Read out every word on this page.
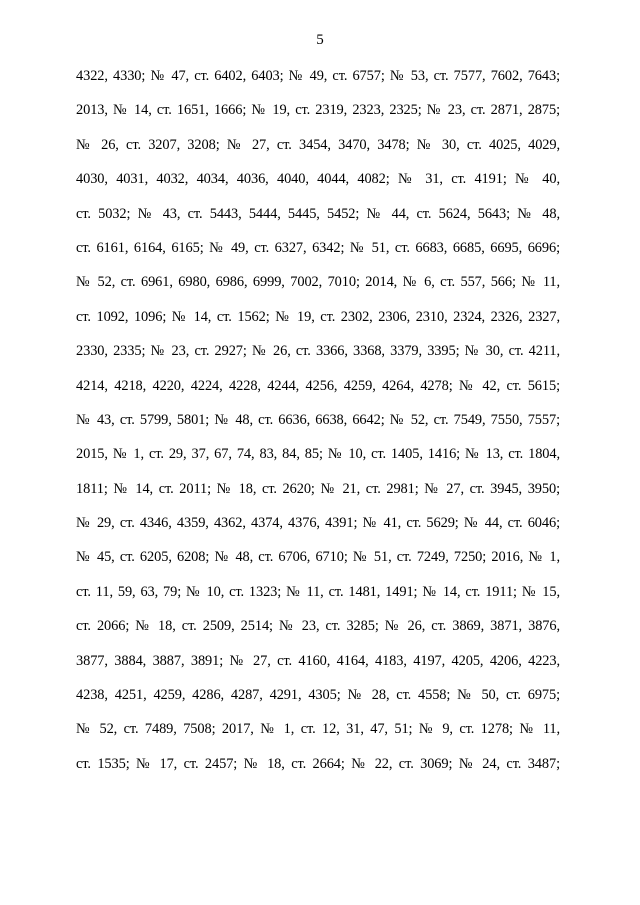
5
4322, 4330; № 47, ст. 6402, 6403; № 49, ст. 6757; № 53, ст. 7577, 7602, 7643;
2013, № 14, ст. 1651, 1666; № 19, ст. 2319, 2323, 2325; № 23, ст. 2871, 2875;
№ 26, ст. 3207, 3208; № 27, ст. 3454, 3470, 3478; № 30, ст. 4025, 4029,
4030, 4031, 4032, 4034, 4036, 4040, 4044, 4082; № 31, ст. 4191; № 40,
ст. 5032; № 43, ст. 5443, 5444, 5445, 5452; № 44, ст. 5624, 5643; № 48,
ст. 6161, 6164, 6165; № 49, ст. 6327, 6342; № 51, ст. 6683, 6685, 6695, 6696;
№ 52, ст. 6961, 6980, 6986, 6999, 7002, 7010; 2014, № 6, ст. 557, 566; № 11,
ст. 1092, 1096; № 14, ст. 1562; № 19, ст. 2302, 2306, 2310, 2324, 2326, 2327,
2330, 2335; № 23, ст. 2927; № 26, ст. 3366, 3368, 3379, 3395; № 30, ст. 4211,
4214, 4218, 4220, 4224, 4228, 4244, 4256, 4259, 4264, 4278; № 42, ст. 5615;
№ 43, ст. 5799, 5801; № 48, ст. 6636, 6638, 6642; № 52, ст. 7549, 7550, 7557;
2015, № 1, ст. 29, 37, 67, 74, 83, 84, 85; № 10, ст. 1405, 1416; № 13, ст. 1804,
1811; № 14, ст. 2011; № 18, ст. 2620; № 21, ст. 2981; № 27, ст. 3945, 3950;
№ 29, ст. 4346, 4359, 4362, 4374, 4376, 4391; № 41, ст. 5629; № 44, ст. 6046;
№ 45, ст. 6205, 6208; № 48, ст. 6706, 6710; № 51, ст. 7249, 7250; 2016, № 1,
ст. 11, 59, 63, 79; № 10, ст. 1323; № 11, ст. 1481, 1491; № 14, ст. 1911; № 15,
ст. 2066; № 18, ст. 2509, 2514; № 23, ст. 3285; № 26, ст. 3869, 3871, 3876,
3877, 3884, 3887, 3891; № 27, ст. 4160, 4164, 4183, 4197, 4205, 4206, 4223,
4238, 4251, 4259, 4286, 4287, 4291, 4305; № 28, ст. 4558; № 50, ст. 6975;
№ 52, ст. 7489, 7508; 2017, № 1, ст. 12, 31, 47, 51; № 9, ст. 1278; № 11,
ст. 1535; № 17, ст. 2457; № 18, ст. 2664; № 22, ст. 3069; № 24, ст. 3487;
